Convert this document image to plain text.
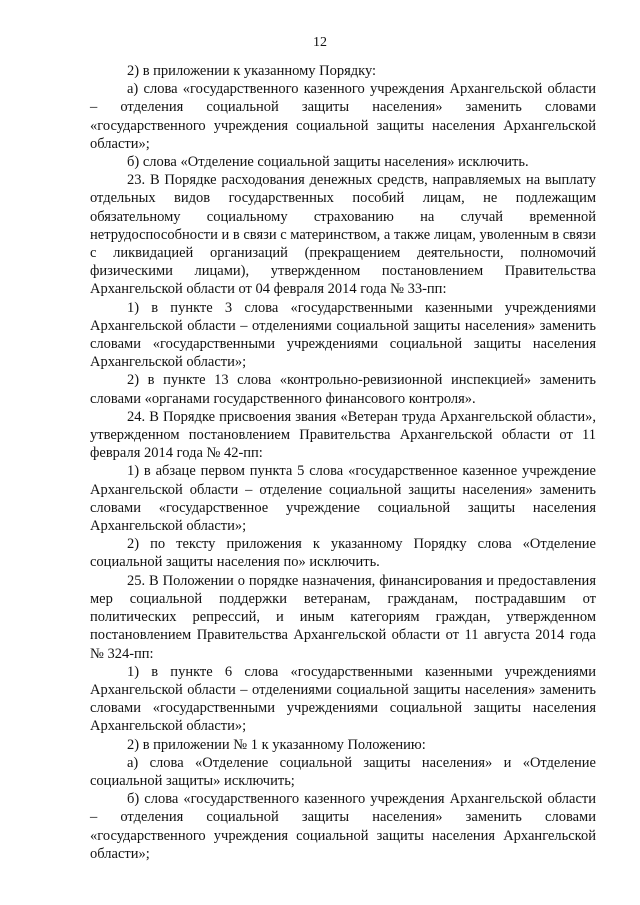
12

2) в приложении к указанному Порядку:

а) слова «государственного казенного учреждения Архангельской области – отделения социальной защиты населения» заменить словами «государственного учреждения социальной защиты населения Архангельской области»;

б) слова «Отделение социальной защиты населения» исключить.

23. В Порядке расходования денежных средств, направляемых на выплату отдельных видов государственных пособий лицам, не подлежащим обязательному социальному страхованию на случай временной нетрудоспособности и в связи с материнством, а также лицам, уволенным в связи с ликвидацией организаций (прекращением деятельности, полномочий физическими лицами), утвержденном постановлением Правительства Архангельской области от 04 февраля 2014 года № 33-пп:

1) в пункте 3 слова «государственными казенными учреждениями Архангельской области – отделениями социальной защиты населения» заменить словами «государственными учреждениями социальной защиты населения Архангельской области»;

2) в пункте 13 слова «контрольно-ревизионной инспекцией» заменить словами «органами государственного финансового контроля».

24. В Порядке присвоения звания «Ветеран труда Архангельской области», утвержденном постановлением Правительства Архангельской области от 11 февраля 2014 года № 42-пп:

1) в абзаце первом пункта 5 слова «государственное казенное учреждение Архангельской области – отделение социальной защиты населения» заменить словами «государственное учреждение социальной защиты населения Архангельской области»;

2) по тексту приложения к указанному Порядку слова «Отделение социальной защиты населения по» исключить.

25. В Положении о порядке назначения, финансирования и предоставления мер социальной поддержки ветеранам, гражданам, пострадавшим от политических репрессий, и иным категориям граждан, утвержденном постановлением Правительства Архангельской области от 11 августа 2014 года № 324-пп:

1) в пункте 6 слова «государственными казенными учреждениями Архангельской области – отделениями социальной защиты населения» заменить словами «государственными учреждениями социальной защиты населения Архангельской области»;

2) в приложении № 1 к указанному Положению:

а) слова «Отделение социальной защиты населения» и «Отделение социальной защиты» исключить;

б) слова «государственного казенного учреждения Архангельской области – отделения социальной защиты населения» заменить словами «государственного учреждения социальной защиты населения Архангельской области»;
